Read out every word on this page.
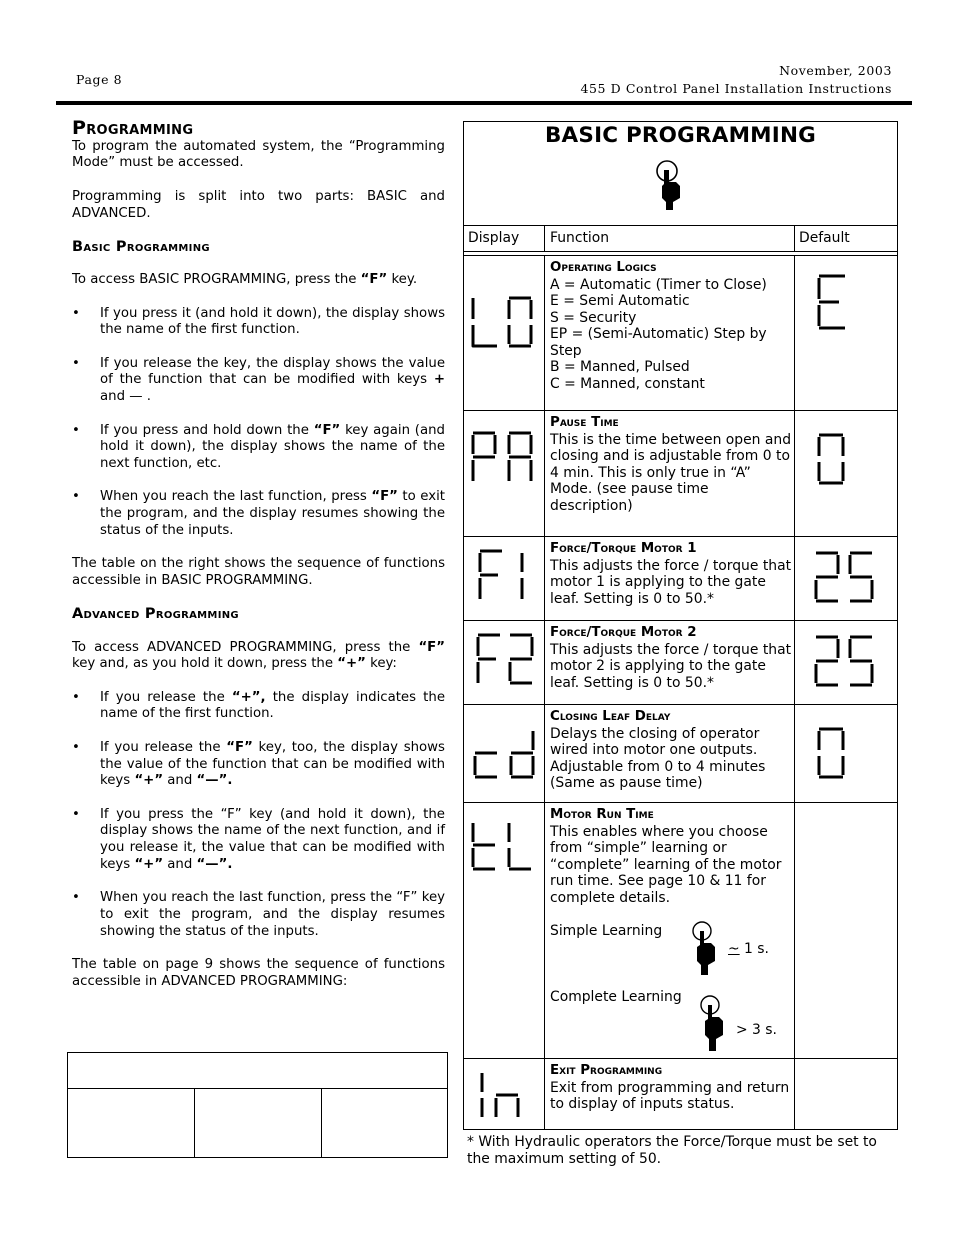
Page 8
November, 2003
455 D Control Panel Installation Instructions
Programming

To program the automated system, the “Programming Mode” must be accessed.

Programming is split into two parts: BASIC and ADVANCED.

Basic Programming

To access BASIC PROGRAMMING, press the “F” key.

• If you press it (and hold it down), the display shows the name of the first function.

• If you release the key, the display shows the value of the function that can be modified with keys + and — .

• If you press and hold down the “F” key again (and hold it down), the display shows the name of the next function, etc.

• When you reach the last function, press “F” to exit the program, and the display resumes showing the status of the inputs.

The table on the right shows the sequence of functions accessible in BASIC PROGRAMMING.

Advanced Programming

To access ADVANCED PROGRAMMING, press the “F” key and, as you hold it down, press the “+” key:

• If you release the “+”, the display indicates the name of the first function.

• If you release the “F” key, too, the display shows the value of the function that can be modified with keys “+” and “—”.

• If you press the “F” key (and hold it down), the display shows the name of the next function, and if you release it, the value that can be modified with keys “+” and “—”.

• When you reach the last function, press the “F” key to exit the program, and the display resumes showing the status of the inputs.

The table on page 9 shows the sequence of functions accessible in ADVANCED PROGRAMMING:

BASIC PROGRAMMING
Display Function	Default
Operating Logics
A = Automatic (Timer to Close)
E = Semi Automatic
S = Security
EP = (Semi-Automatic) Step by Step
B = Manned, Pulsed
C = Manned, constant
Pause Time
This is the time between open and closing and is adjustable from 0 to 4 min. This is only true in “A” Mode. (see pause time description)
Force/Torque Motor 1
This adjusts the force / torque that motor 1 is applying to the gate leaf. Setting is 0 to 50.*
Force/Torque Motor 2
This adjusts the force / torque that motor 2 is applying to the gate leaf. Setting is 0 to 50.*
Closing Leaf Delay
Delays the closing of operator wired into motor one outputs. Adjustable from 0 to 4 minutes (Same as pause time)
Motor Run Time
This enables where you choose from “simple” learning or “complete” learning of the motor run time. See page 10 & 11 for complete details.
Simple Learning
~ 1 s.
Complete Learning
> 3 s.
Exit Programming
Exit from programming and return to display of inputs status.
* With Hydraulic operators the Force/Torque must be set to the maximum setting of 50.
